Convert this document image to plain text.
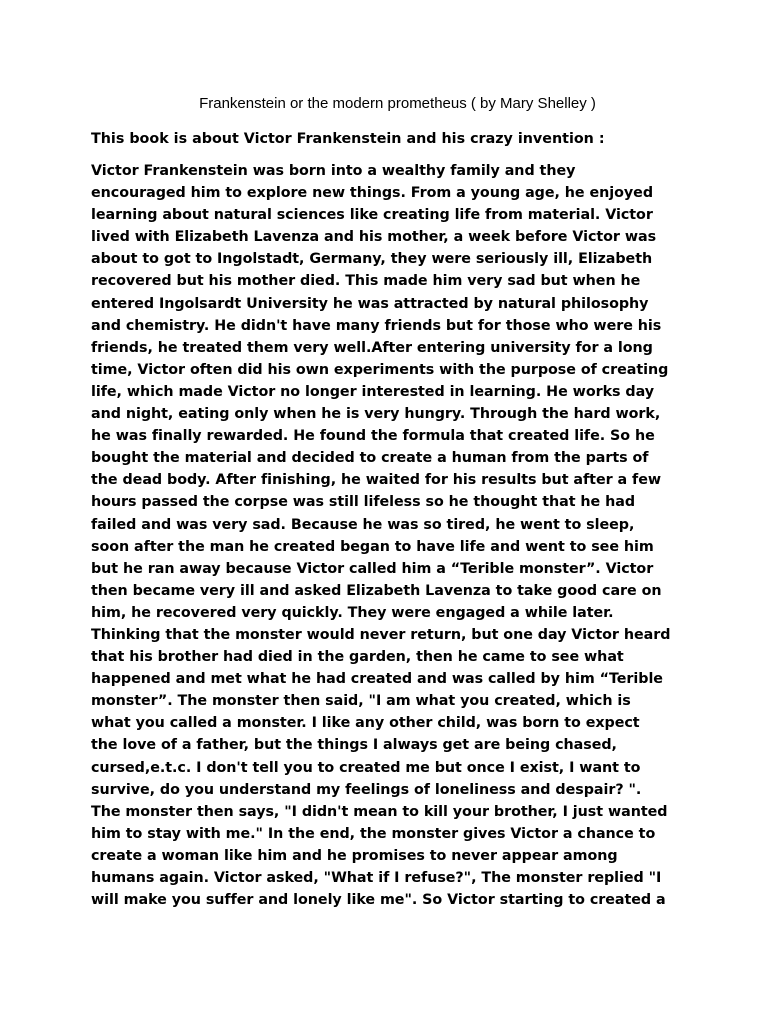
Frankenstein or the modern prometheus ( by Mary Shelley )

This book is about Victor Frankenstein and his crazy invention :

Victor Frankenstein was born into a wealthy family and they
encouraged him to explore new things. From a young age, he enjoyed
learning about natural sciences like creating life from material. Victor
lived with Elizabeth Lavenza and his mother, a week before Victor was
about to got to Ingolstadt, Germany, they were seriously ill, Elizabeth
recovered but his mother died. This made him very sad but when he
entered Ingolsardt University he was attracted by natural philosophy
and chemistry. He didn't have many friends but for those who were his
friends, he treated them very well.After entering university for a long
time, Victor often did his own experiments with the purpose of creating
life, which made Victor no longer interested in learning. He works day
and night, eating only when he is very hungry. Through the hard work,
he was finally rewarded. He found the formula that created life. So he
bought the material and decided to create a human from the parts of
the dead body. After finishing, he waited for his results but after a few
hours passed the corpse was still lifeless so he thought that he had
failed and was very sad. Because he was so tired, he went to sleep,
soon after the man he created began to have life and went to see him
but he ran away because Victor called him a “Terible monster”. Victor
then became very ill and asked Elizabeth Lavenza to take good care on
him, he recovered very quickly. They were engaged a while later.
Thinking that the monster would never return, but one day Victor heard
that his brother had died in the garden, then he came to see what
happened and met what he had created and was called by him “Terible
monster”. The monster then said, "I am what you created, which is
what you called a monster. I like any other child, was born to expect
the love of a father, but the things I always get are being chased,
cursed,e.t.c. I don't tell you to created me but once I exist, I want to
survive, do you understand my feelings of loneliness and despair? ".
The monster then says, "I didn't mean to kill your brother, I just wanted
him to stay with me." In the end, the monster gives Victor a chance to
create a woman like him and he promises to never appear among
humans again. Victor asked, "What if I refuse?", The monster replied "I
will make you suffer and lonely like me". So Victor starting to created a
